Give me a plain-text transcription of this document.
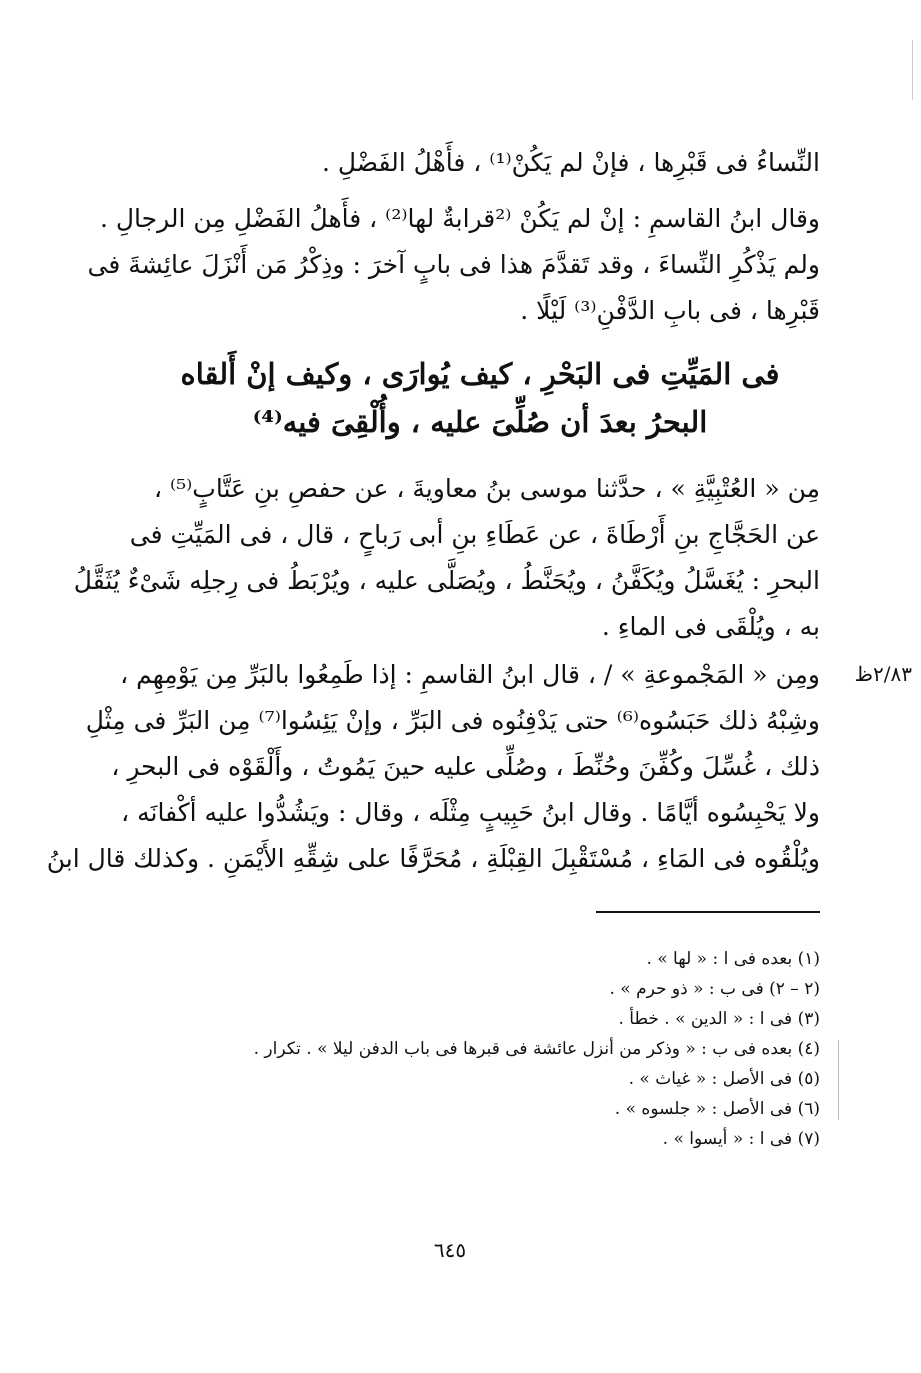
النِّساءُ فى قَبْرِها ، فإنْ لم يَكُنْ⁽¹⁾ ، فأَهْلُ الفَضْلِ .
وقال ابنُ القاسمِ : إنْ لم يَكُنْ ⁽²قرابةٌ لها⁽²⁾ ، فأَهلُ الفَضْلِ مِن الرجالِ .
ولم يَذْكُرِ النِّساءَ ، وقد تَقدَّمَ هذا فى بابٍ آخرَ : وذِكْرُ مَن أَنْزَلَ عائِشةَ فى
قَبْرِها ، فى بابِ الدَّفْنِ⁽³⁾ لَيْلًا .
فى المَيِّتِ فى البَحْرِ ، كيف يُوارَى ، وكيف إنْ أَلقاه
البحرُ بعدَ أن صُلِّىَ عليه ، وأُلْقِىَ فيه⁽⁴⁾
مِن « العُتْبِيَّةِ » ، حدَّثنا موسى بنُ معاويةَ ، عن حفصِ بنِ عَتَّابٍ⁽⁵⁾ ،
عن الحَجَّاجِ بنِ أَرْطَاةَ ، عن عَطَاءِ بنِ أبى رَباحٍ ، قال ، فى المَيِّتِ فى
البحرِ : يُغَسَّلُ ويُكَفَّنُ ، ويُحَنَّطُ ، ويُصَلَّى عليه ، ويُرْبَطُ فى رِجلِه شَىْءٌ يُثَقَّلُ
به ، ويُلْقَى فى الماءِ .
٢/٨٣ظ
ومِن « المَجْموعةِ » / ، قال ابنُ القاسمِ : إذا طَمِعُوا بالبَرِّ مِن يَوْمِهِم ،
وشِبْهُ ذلك حَبَسُوه⁽⁶⁾ حتى يَدْفِنُوه فى البَرِّ ، وإنْ يَئِسُوا⁽⁷⁾ مِن البَرِّ فى مِثْلِ
ذلك ، غُسِّلَ وكُفِّنَ وحُنِّطَ ، وصُلِّى عليه حينَ يَمُوتُ ، وأَلْقَوْه فى البحرِ ،
ولا يَحْبِسُوه أيَّامًا . وقال ابنُ حَبِيبٍ مِثْلَه ، وقال : ويَشُدُّوا عليه أكْفانَه ،
ويُلْقُوه فى المَاءِ ، مُسْتَقْبِلَ القِبْلَةِ ، مُحَرَّفًا على شِقِّهِ الأَيْمَنِ . وكذلك قال ابنُ
(١) بعده فى ا : « لها » .
(٢ – ٢) فى ب : « ذو حرم » .
(٣) فى ا : « الدين » . خطأ .
(٤) بعده فى ب : « وذكر من أنزل عائشة فى قبرها فى باب الدفن ليلا » . تكرار .
(٥) فى الأصل : « غياث » .
(٦) فى الأصل : « جلسوه » .
(٧) فى ا : « أيسوا » .
٦٤٥
